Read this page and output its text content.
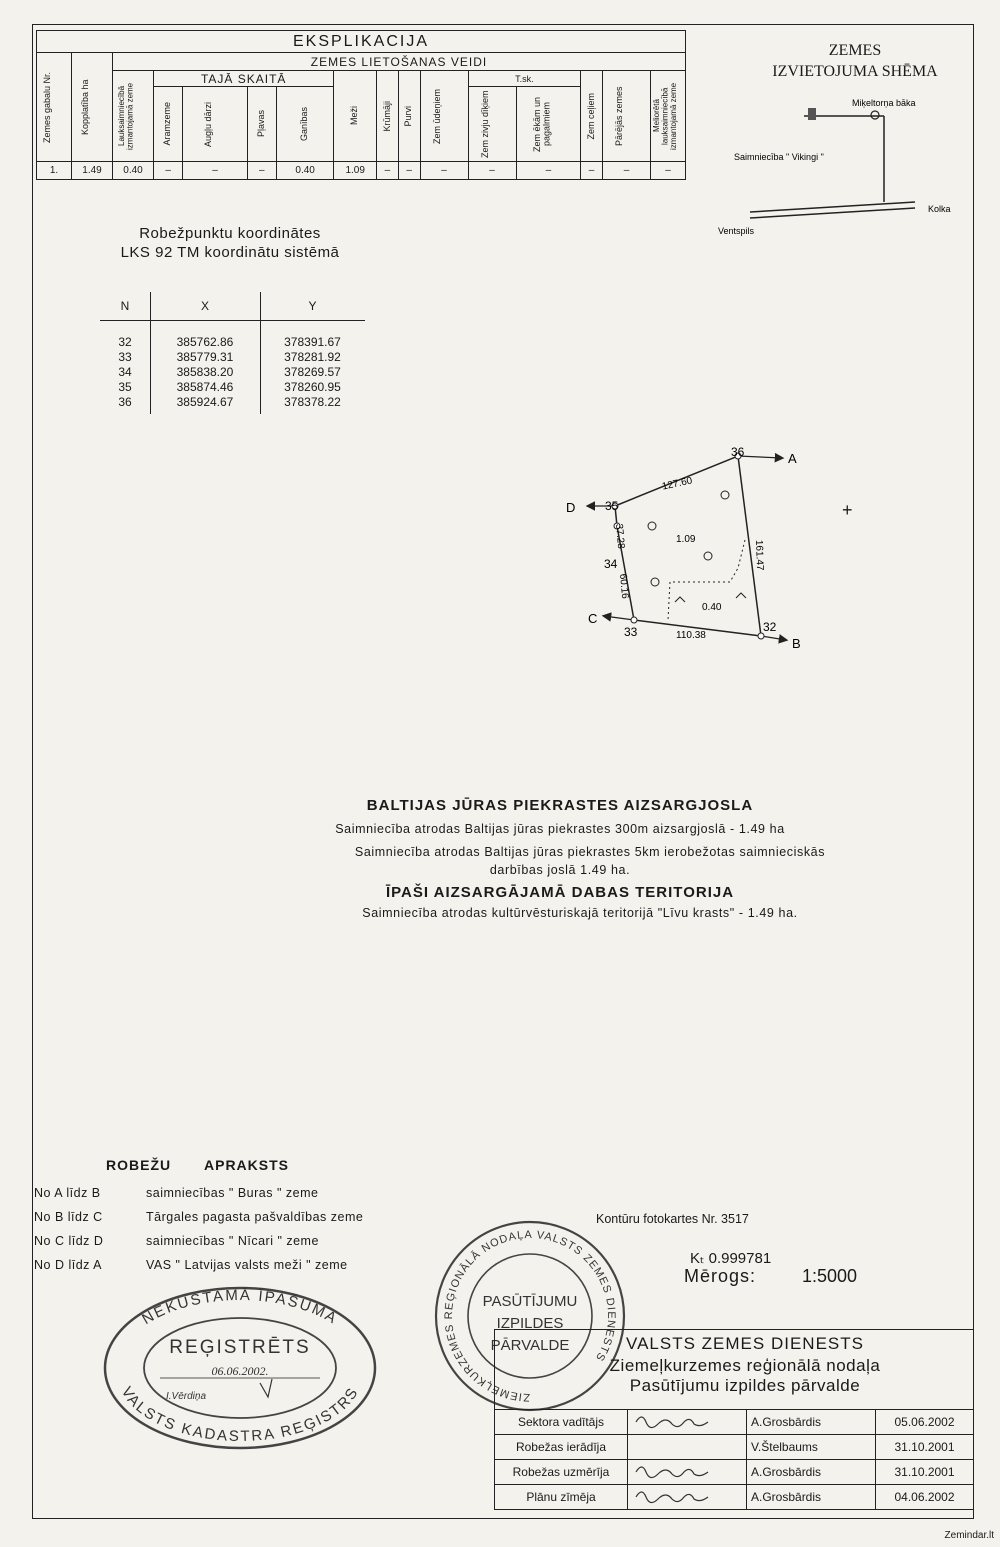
EKSPLIKACIJA															

Zemes gabalu Nr.	Kopplatība ha	ZEMES LIETOŠANAS VEIDI													

		Lauksaimniecībā izmantojamā zeme	TAJĀ SKAITĀ				Meži	Krūmāji	Purvi	Zem ūdeņiem	T.sk.		Zem ceļiem	Pārējās zemes	Meliorētā lauksaimniecībā izmantojamā zeme

			Aramzeme	Augļu dārzi	Pļavas	Ganības					Zem zivju dīķiem	Zem ēkām un pagalmiem			

1.	1.49	0.40	–	–	–	0.40	1.09	–	–	–	–	–	–	–	–
ZEMES
IZVIETOJUMA SHĒMA
Miķeltorņa bāka
Saimniecība " Vikingi "
Kolka
Ventspils
Robežpunktu koordinātes
LKS 92 TM koordinātu sistēmā
N	X	Y
32	385762.86	378391.67
33	385779.31	378281.92
34	385838.20	378269.57
35	385874.46	378260.95
36	385924.67	378378.22
36
32
33
34
35
A
B
C
D
127.60
161.47
110.38
60.16
37.28	1.09
0.40
+
BALTIJAS JŪRAS PIEKRASTES AIZSARGJOSLA
Saimniecība atrodas Baltijas jūras piekrastes 300m aizsargjoslā - 1.49 ha
Saimniecība atrodas Baltijas jūras piekrastes 5km ierobežotas saimnieciskās
darbības joslā 1.49 ha.
ĪPAŠI AIZSARGĀJAMĀ DABAS TERITORIJA
Saimniecība atrodas kultūrvēsturiskajā teritorijā "Līvu krasts" - 1.49 ha.
ROBEŽU APRAKSTS
No A līdz B	saimniecības " Buras " zeme
No B līdz C	Tārgales pagasta pašvaldības zeme
No C līdz D	saimniecības " Nīcari " zeme
No D līdz A	VAS " Latvijas valsts meži " zeme
Kontūru fotokartes Nr. 3517
Kₜ 0.999781
Mērogs:	1:5000
NEKUSTAMĀ ĪPAŠUMA
VALSTS KADASTRA REĢISTRS
REĢISTRĒTS
06.06.2002.
I.Vērdiņa	ZIEMEĻKURZEMES REĢIONĀLĀ NODAĻA VALSTS ZEMES DIENESTS
PASŪTĪJUMU
IZPILDES
PĀRVALDE	VALSTS ZEMES DIENESTS
Ziemeļkurzemes reģionālā nodaļa
Pasūtījumu izpildes pārvalde
Sektora vadītājs		A.Grosbārdis	05.06.2002
Robežas ierādīja		V.Štelbaums	31.10.2001
Robežas uzmērīja		A.Grosbārdis	31.10.2001
Plānu zīmēja		A.Grosbārdis	04.06.2002
Zemindar.lt
